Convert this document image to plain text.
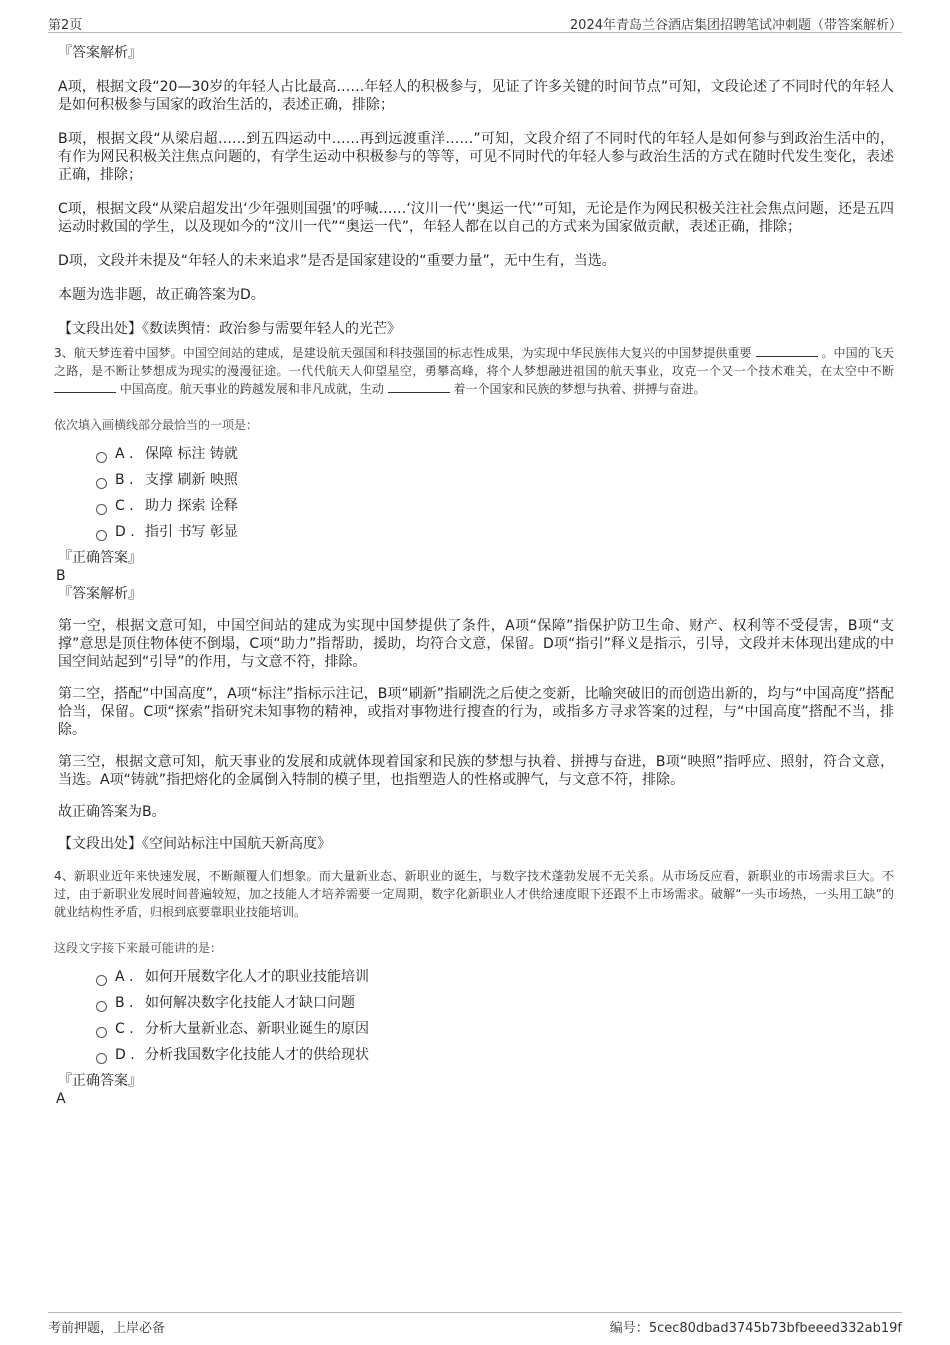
第2页	2024年青岛兰谷酒店集团招聘笔试冲刺题（带答案解析）
『答案解析』
A项，根据文段“20—30岁的年轻人占比最高……年轻人的积极参与，见证了许多关键的时间节点”可知，文段论述了不同时代的年轻人是如何积极参与国家的政治生活的，表述正确，排除；
B项，根据文段“从梁启超……到五四运动中……再到远渡重洋……”可知，文段介绍了不同时代的年轻人是如何参与到政治生活中的，有作为网民积极关注焦点问题的，有学生运动中积极参与的等等，可见不同时代的年轻人参与政治生活的方式在随时代发生变化，表述正确，排除；
C项，根据文段“从梁启超发出‘少年强则国强’的呼喊……‘汶川一代’‘奥运一代’”可知，无论是作为网民积极关注社会焦点问题，还是五四运动时救国的学生，以及现如今的“汶川一代”“奥运一代”，年轻人都在以自己的方式来为国家做贡献，表述正确，排除；
D项，文段并未提及“年轻人的未来追求”是否是国家建设的“重要力量”，无中生有，当选。
本题为选非题，故正确答案为D。
【文段出处】《数读舆情：政治参与需要年轻人的光芒》
3、航天梦连着中国梦。中国空间站的建成，是建设航天强国和科技强国的标志性成果，为实现中华民族伟大复兴的中国梦提供重要	。中国的飞天之路，是不断让梦想成为现实的漫漫征途。一代代航天人仰望星空，勇攀高峰，将个人梦想融进祖国的航天事业，攻克一个又一个技术难关，在太空中不断  中国高度。航天事业的跨越发展和非凡成就，生动	着一个国家和民族的梦想与执着、拼搏与奋进。
依次填入画横线部分最恰当的一项是：
A . 保障 标注 铸就
B . 支撑 刷新 映照
C . 助力 探索 诠释
D . 指引 书写 彰显
『正确答案』
B
『答案解析』
第一空，根据文意可知，中国空间站的建成为实现中国梦提供了条件，A项“保障”指保护防卫生命、财产、权利等不受侵害，B项“支撑”意思是顶住物体使不倒塌，C项“助力”指帮助，援助，均符合文意，保留。D项“指引”释义是指示，引导，文段并未体现出建成的中国空间站起到“引导”的作用，与文意不符，排除。
第二空，搭配“中国高度”，A项“标注”指标示注记，B项“刷新”指刷洗之后使之变新，比喻突破旧的而创造出新的，均与“中国高度”搭配恰当，保留。C项“探索”指研究未知事物的精神，或指对事物进行搜查的行为，或指多方寻求答案的过程，与“中国高度”搭配不当，排除。
第三空，根据文意可知，航天事业的发展和成就体现着国家和民族的梦想与执着、拼搏与奋进，B项“映照”指呼应、照射，符合文意，当选。A项“铸就”指把熔化的金属倒入特制的模子里，也指塑造人的性格或脾气，与文意不符，排除。
故正确答案为B。
【文段出处】《空间站标注中国航天新高度》
4、新职业近年来快速发展，不断颠覆人们想象。而大量新业态、新职业的诞生，与数字技术蓬勃发展不无关系。从市场反应看，新职业的市场需求巨大。不过，由于新职业发展时间普遍较短，加之技能人才培养需要一定周期，数字化新职业人才供给速度眼下还跟不上市场需求。破解“一头市场热，一头用工缺”的就业结构性矛盾，归根到底要靠职业技能培训。
这段文字接下来最可能讲的是：
A . 如何开展数字化人才的职业技能培训
B . 如何解决数字化技能人才缺口问题
C . 分析大量新业态、新职业诞生的原因
D . 分析我国数字化技能人才的供给现状
『正确答案』
A
考前押题，上岸必备	编号：5cec80dbad3745b73bfbeeed332ab19f
